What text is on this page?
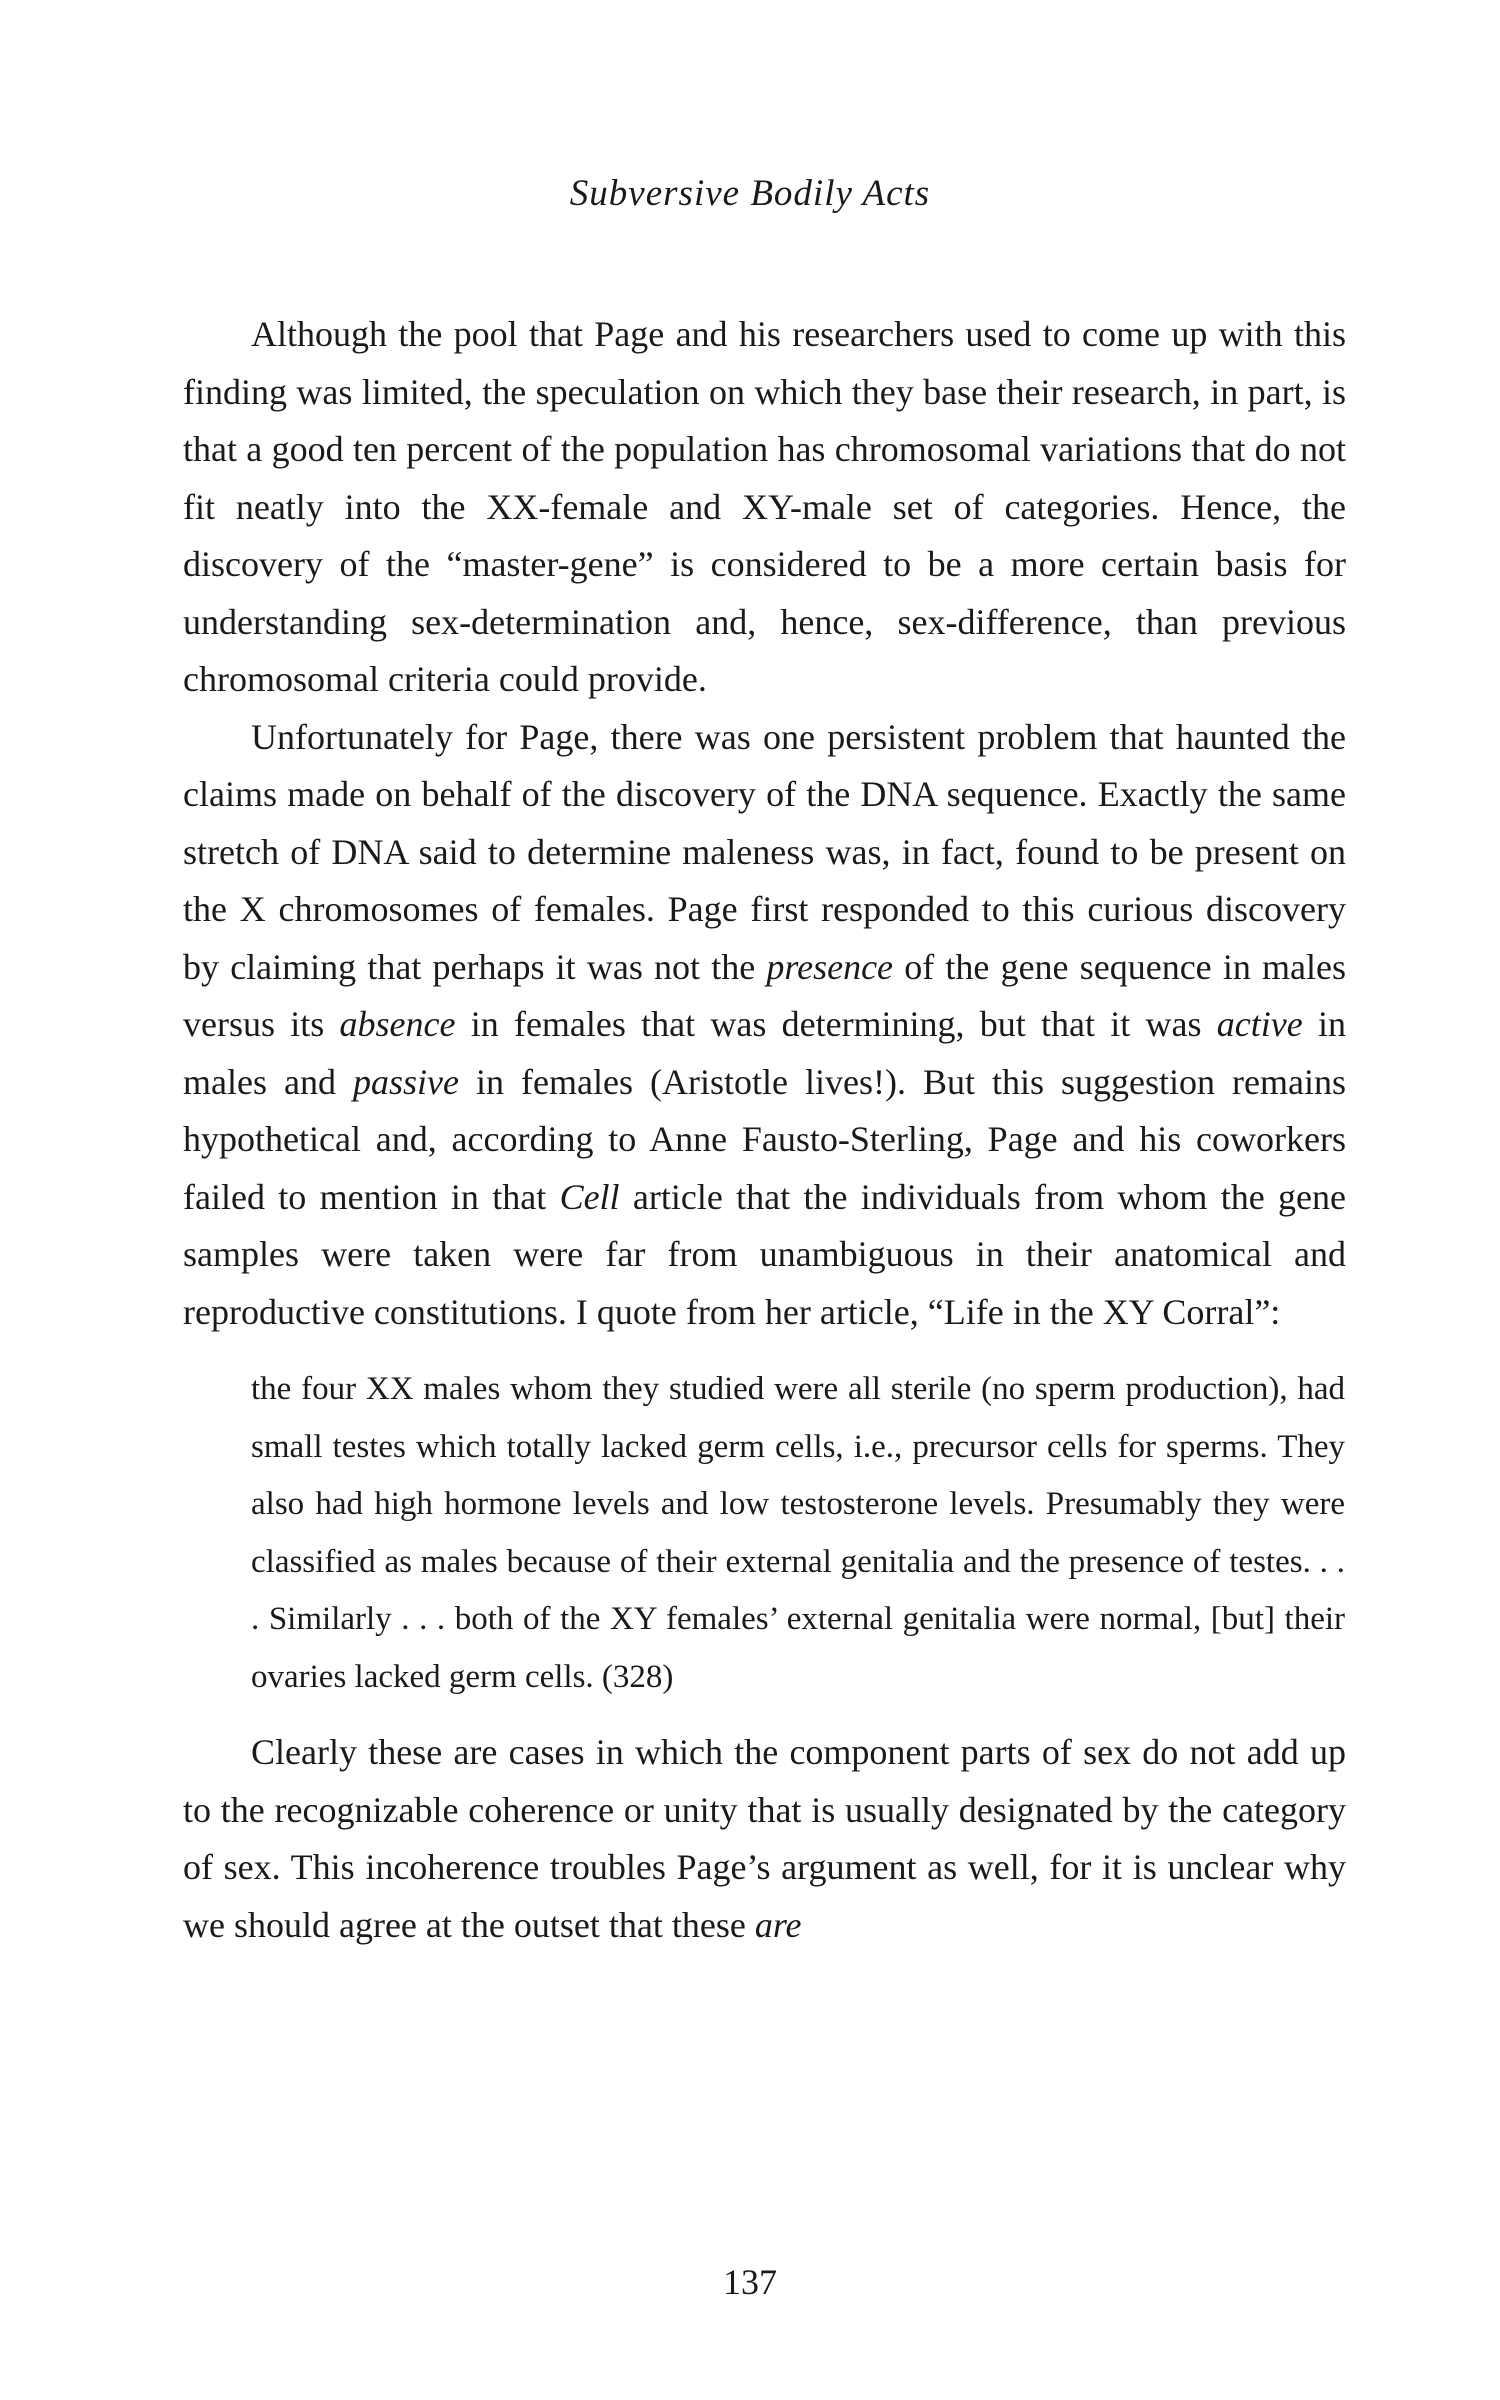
Subversive Bodily Acts

Although the pool that Page and his researchers used to come up with this finding was limited, the speculation on which they base their research, in part, is that a good ten percent of the population has chromosomal variations that do not fit neatly into the XX-female and XY-male set of categories. Hence, the discovery of the “master-gene” is considered to be a more certain basis for understanding sex-determination and, hence, sex-difference, than previous chromosomal criteria could provide.

Unfortunately for Page, there was one persistent problem that haunted the claims made on behalf of the discovery of the DNA sequence. Exactly the same stretch of DNA said to determine maleness was, in fact, found to be present on the X chromosomes of females. Page first responded to this curious discovery by claiming that perhaps it was not the presence of the gene sequence in males versus its absence in females that was determining, but that it was active in males and passive in females (Aristotle lives!). But this suggestion remains hypothetical and, according to Anne Fausto-Sterling, Page and his coworkers failed to mention in that Cell article that the individuals from whom the gene samples were taken were far from unambiguous in their anatomical and reproductive constitutions. I quote from her article, “Life in the XY Corral”:

the four XX males whom they studied were all sterile (no sperm production), had small testes which totally lacked germ cells, i.e., precursor cells for sperms. They also had high hormone levels and low testosterone levels. Presumably they were classified as males because of their external genitalia and the presence of testes. . . . Similarly . . . both of the XY females’ external genitalia were normal, [but] their ovaries lacked germ cells. (328)

Clearly these are cases in which the component parts of sex do not add up to the recognizable coherence or unity that is usually designated by the category of sex. This incoherence troubles Page’s argument as well, for it is unclear why we should agree at the outset that these are

137
